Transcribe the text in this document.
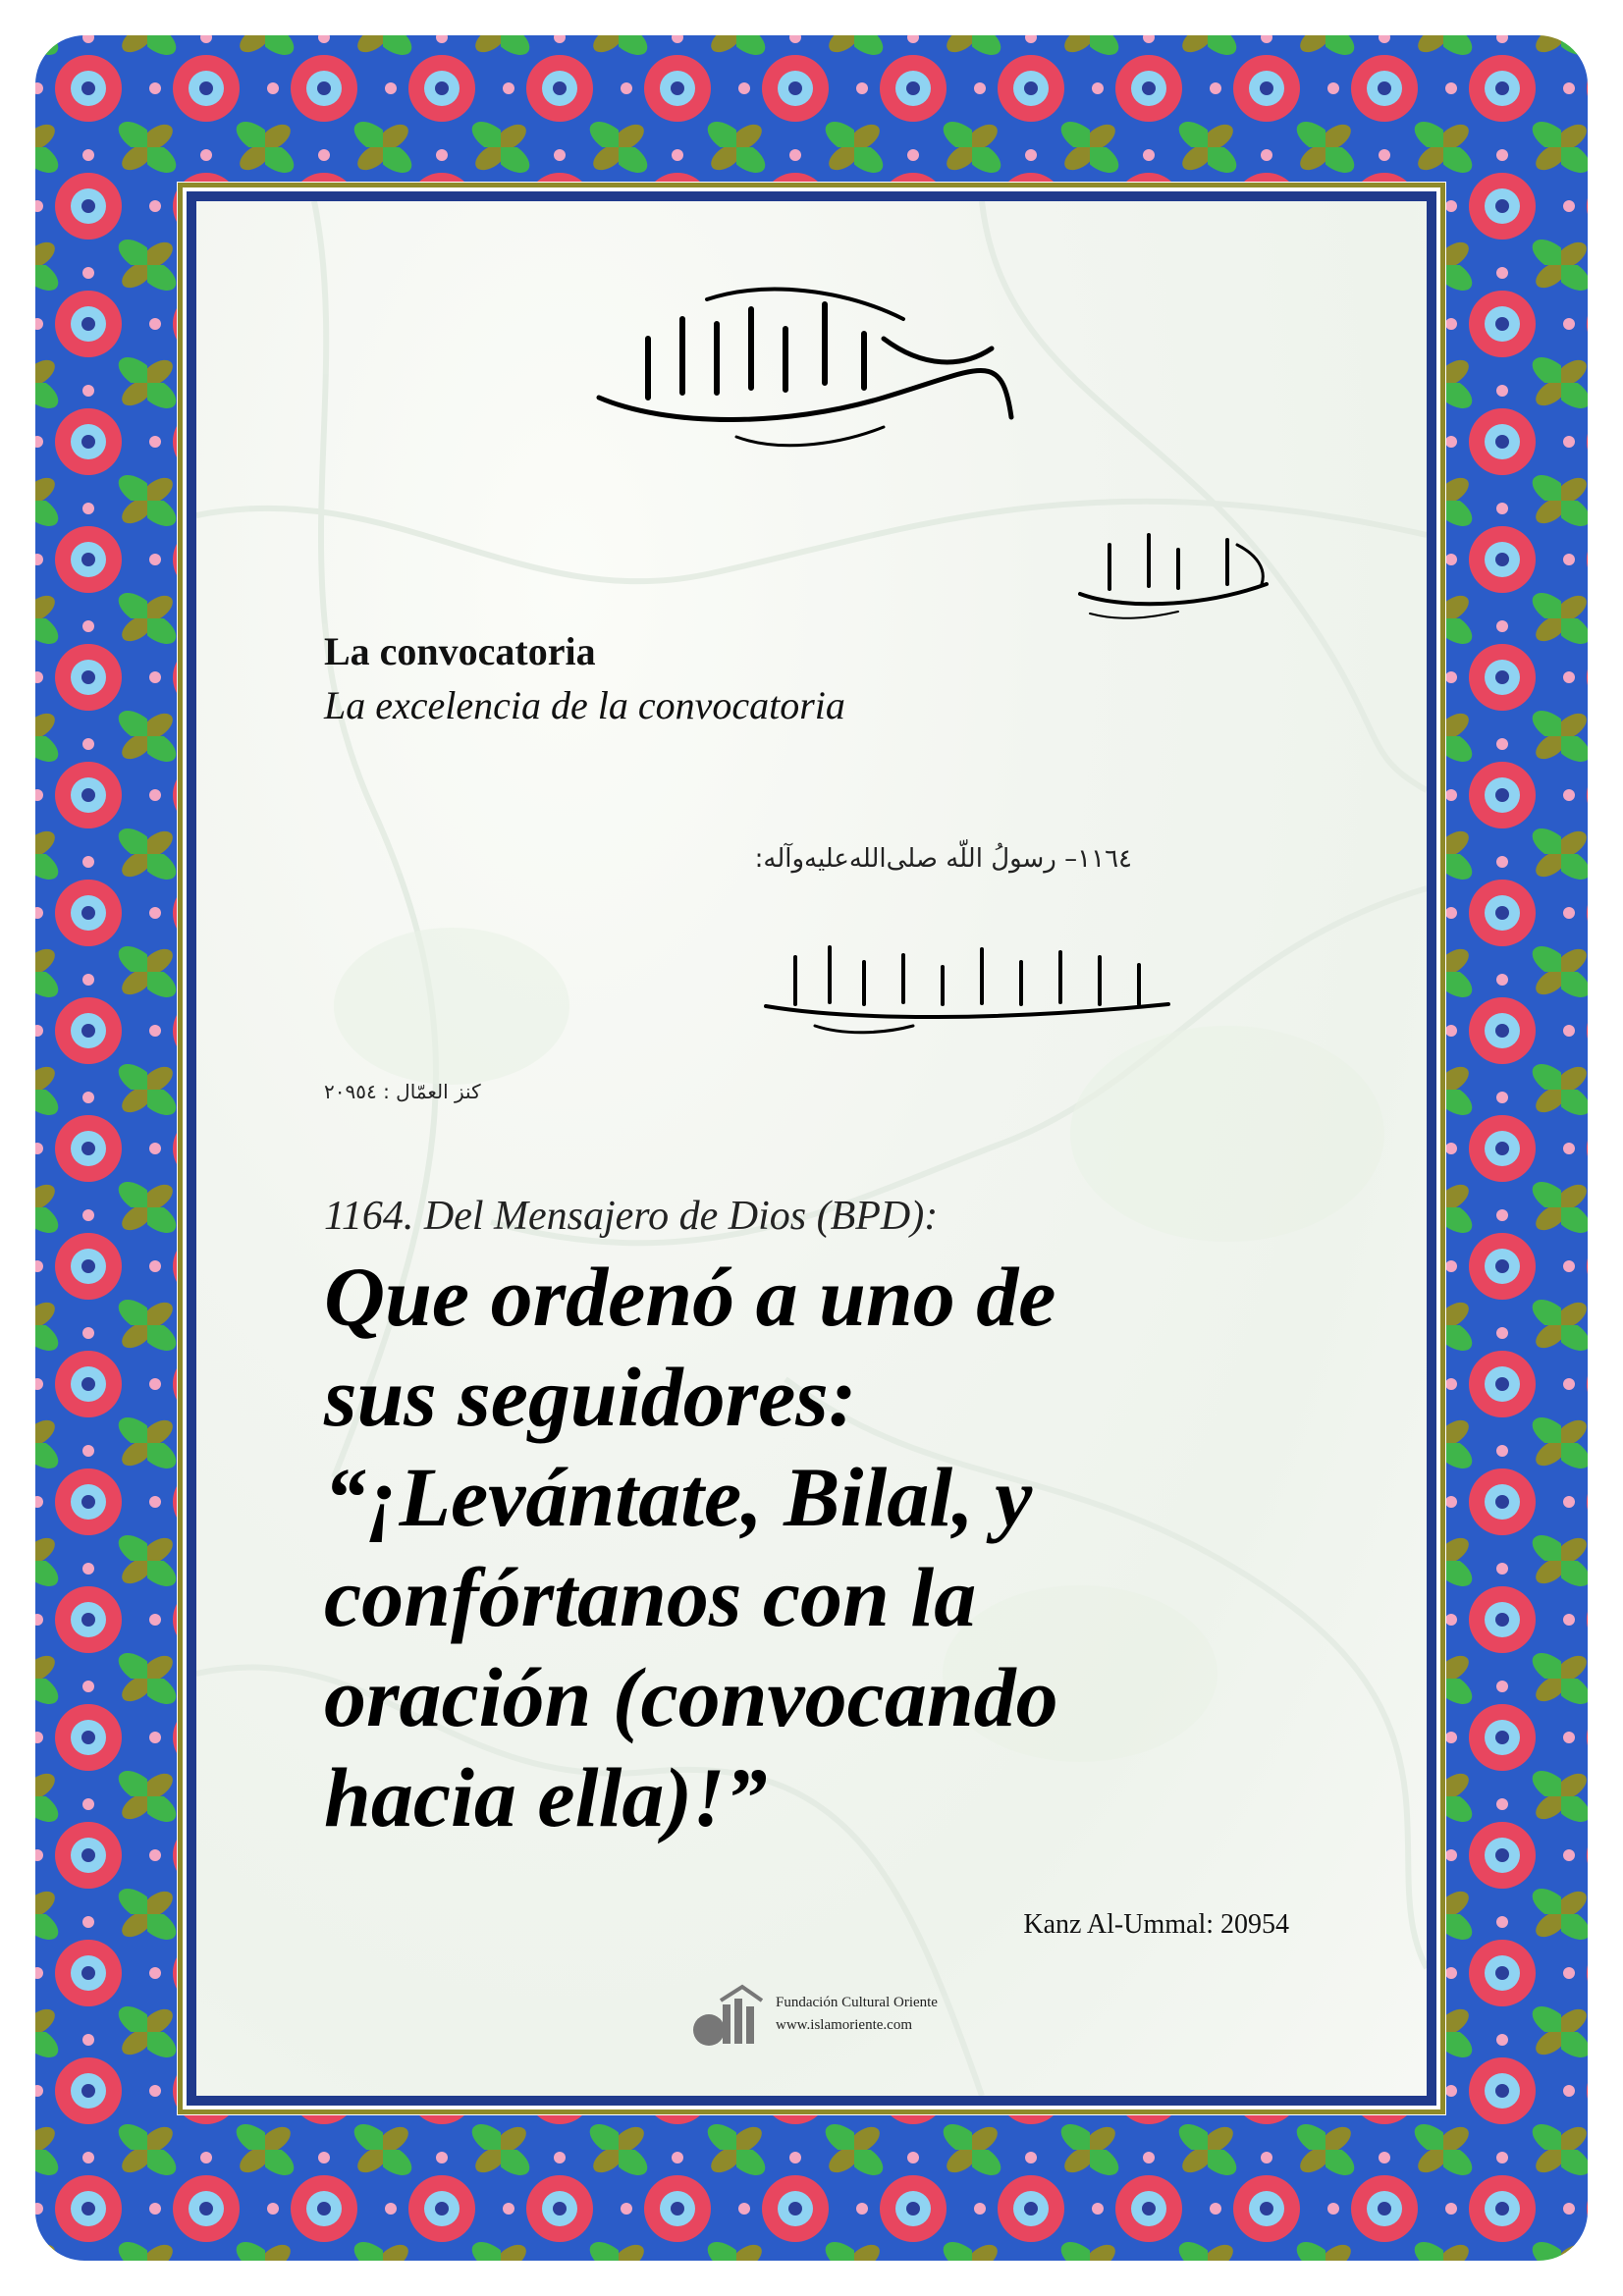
La convocatoria
La excelencia de la convocatoria
١١٦٤– رسولُ اللّه صلى‌الله‌عليه‌وآله:
كنز العمّال : ٢٠٩٥٤
1164. Del Mensajero de Dios (BPD):
Que ordenó a uno de
sus seguidores:
“¡Levántate, Bilal, y
confórtanos con la
oración (convocando
hacia ella)!”
Kanz Al-Ummal: 20954
Fundación Cultural Oriente
www.islamoriente.com
